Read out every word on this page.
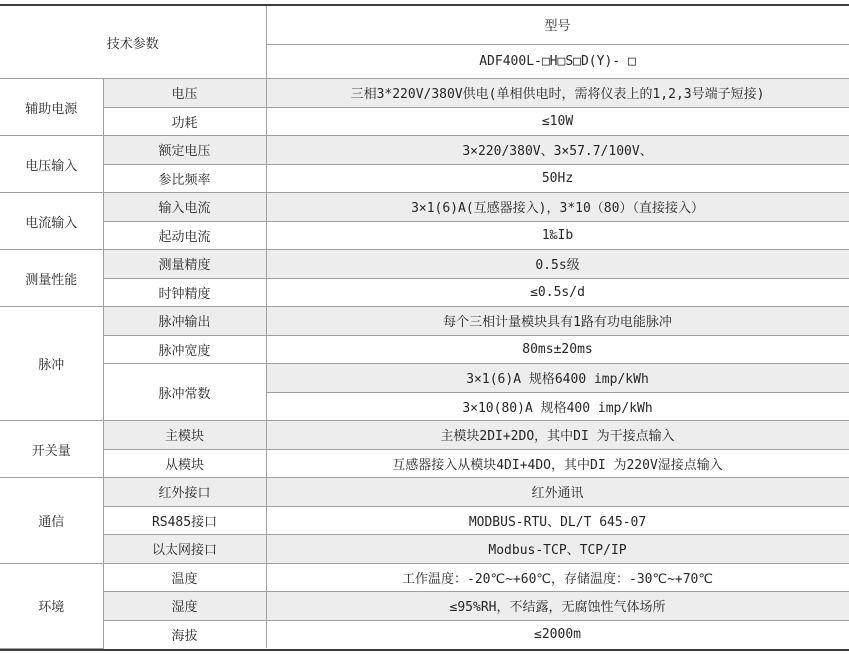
技术参数		型号
		ADF400L-□H□S□D(Y)- □
辅助电源	电压	三相3*220V/380V供电(单相供电时，需将仪表上的1,2,3号端子短接)
	功耗	≤10W
电压输入	额定电压	3×220/380V、3×57.7/100V、
	参比频率	50Hz
电流输入	输入电流	3×1(6)A(互感器接入)，3*10（80）（直接接入）
	起动电流	1‰Ib
测量性能	测量精度	0.5s级
	时钟精度	≤0.5s/d
脉冲	脉冲输出	每个三相计量模块具有1路有功电能脉冲
	脉冲宽度	80ms±20ms
	脉冲常数	3×1(6)A 规格6400 imp/kWh
		3×10(80)A 规格400 imp/kWh
开关量	主模块	主模块2DI+2DO，其中DI 为干接点输入
	从模块	互感器接入从模块4DI+4DO，其中DI 为220V湿接点输入
通信	红外接口	红外通讯
	RS485接口	MODBUS-RTU、DL/T 645-07
	以太网接口	Modbus-TCP、TCP/IP
环境	温度	工作温度：-20℃~+60℃，存储温度：-30℃~+70℃
	湿度	≤95%RH，不结露，无腐蚀性气体场所
	海拔	≤2000m
